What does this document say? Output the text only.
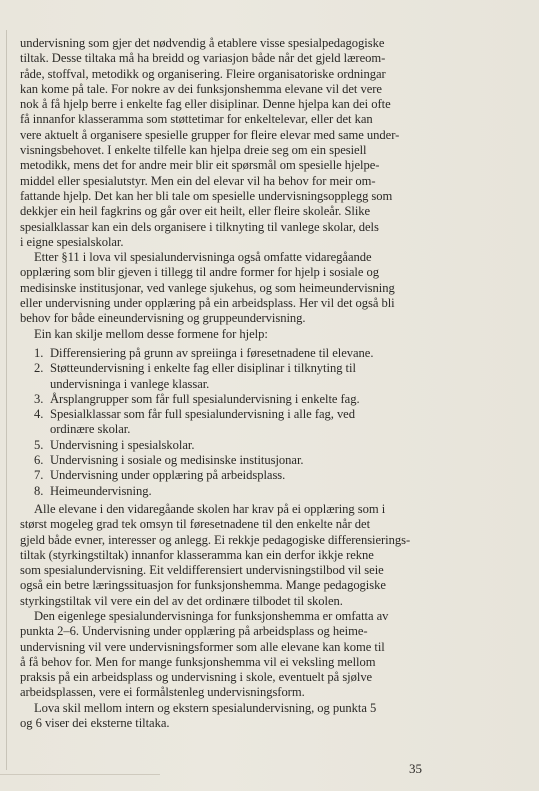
undervisning som gjer det nødvendig å etablere visse spesialpedagogiske
tiltak. Desse tiltaka må ha breidd og variasjon både når det gjeld læreom-
råde, stoffval, metodikk og organisering. Fleire organisatoriske ordningar
kan kome på tale. For nokre av dei funksjonshemma elevane vil det vere
nok å få hjelp berre i enkelte fag eller disiplinar. Denne hjelpa kan dei ofte
få innanfor klasseramma som støttetimar for enkeltelevar, eller det kan
vere aktuelt å organisere spesielle grupper for fleire elevar med same under-
visningsbehovet. I enkelte tilfelle kan hjelpa dreie seg om ein spesiell
metodikk, mens det for andre meir blir eit spørsmål om spesielle hjelpe-
middel eller spesialutstyr. Men ein del elevar vil ha behov for meir om-
fattande hjelp. Det kan her bli tale om spesielle undervisningsopplegg som
dekkjer ein heil fagkrins og går over eit heilt, eller fleire skoleår. Slike
spesialklassar kan ein dels organisere i tilknyting til vanlege skolar, dels
i eigne spesialskolar.
Etter §11 i lova vil spesialundervisninga også omfatte vidaregåande
opplæring som blir gjeven i tillegg til andre former for hjelp i sosiale og
medisinske institusjonar, ved vanlege sjukehus, og som heimeundervisning
eller undervisning under opplæring på ein arbeidsplass. Her vil det også bli
behov for både eineundervisning og gruppeundervisning.
Ein kan skilje mellom desse formene for hjelp:
1. Differensiering på grunn av spreiinga i føresetnadene til elevane.
2. Støtteundervisning i enkelte fag eller disiplinar i tilknyting til
undervisninga i vanlege klassar.
3. Årsplangrupper som får full spesialundervisning i enkelte fag.
4. Spesialklassar som får full spesialundervisning i alle fag, ved
ordinære skolar.
5. Undervisning i spesialskolar.
6. Undervisning i sosiale og medisinske institusjonar.
7. Undervisning under opplæring på arbeidsplass.
8. Heimeundervisning.
Alle elevane i den vidaregåande skolen har krav på ei opplæring som i
størst mogeleg grad tek omsyn til føresetnadene til den enkelte når det
gjeld både evner, interesser og anlegg. Ei rekkje pedagogiske differensierings-
tiltak (styrkingstiltak) innanfor klasseramma kan ein derfor ikkje rekne
som spesialundervisning. Eit veldifferensiert undervisningstilbod vil seie
også ein betre læringssituasjon for funksjonshemma. Mange pedagogiske
styrkingstiltak vil vere ein del av det ordinære tilbodet til skolen.
Den eigenlege spesialundervisninga for funksjonshemma er omfatta av
punkta 2–6. Undervisning under opplæring på arbeidsplass og heime-
undervisning vil vere undervisningsformer som alle elevane kan kome til
å få behov for. Men for mange funksjonshemma vil ei veksling mellom
praksis på ein arbeidsplass og undervisning i skole, eventuelt på sjølve
arbeidsplassen, vere ei formålstenleg undervisningsform.
Lova skil mellom intern og ekstern spesialundervisning, og punkta 5
og 6 viser dei eksterne tiltaka.
35
